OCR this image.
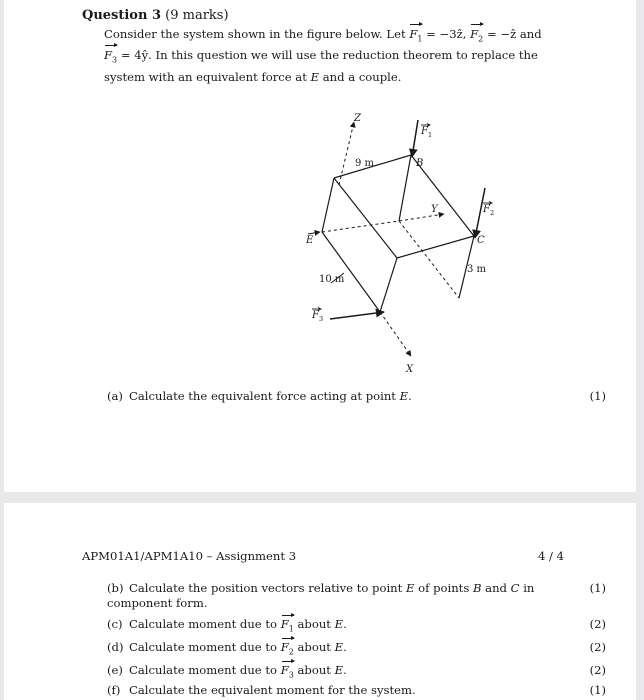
Question 3 (9 marks)
Consider the system shown in the figure below. Let $F_1$ = −3ẑ, $F_2$ = −ẑ and
$F_3$ = 4ŷ. In this question we will use the reduction theorem to replace the system with an equivalent force at E and a couple.
Z
Y
X
B
C
E
F
F
F
1
2
3
9 m
10 m
3 m
(a) Calculate the equivalent force acting at point E.	(1)
APM01A1/APM1A10 – Assignment 3	4 / 4
(b) Calculate the position vectors relative to point E of points B and C in component form.
(1)
(c) Calculate moment due to $F_1$ about E.	(2)
(d) Calculate moment due to $F_2$ about E.	(2)
(e) Calculate moment due to $F_3$ about E.	(2)
(f) Calculate the equivalent moment for the system.	(1)
